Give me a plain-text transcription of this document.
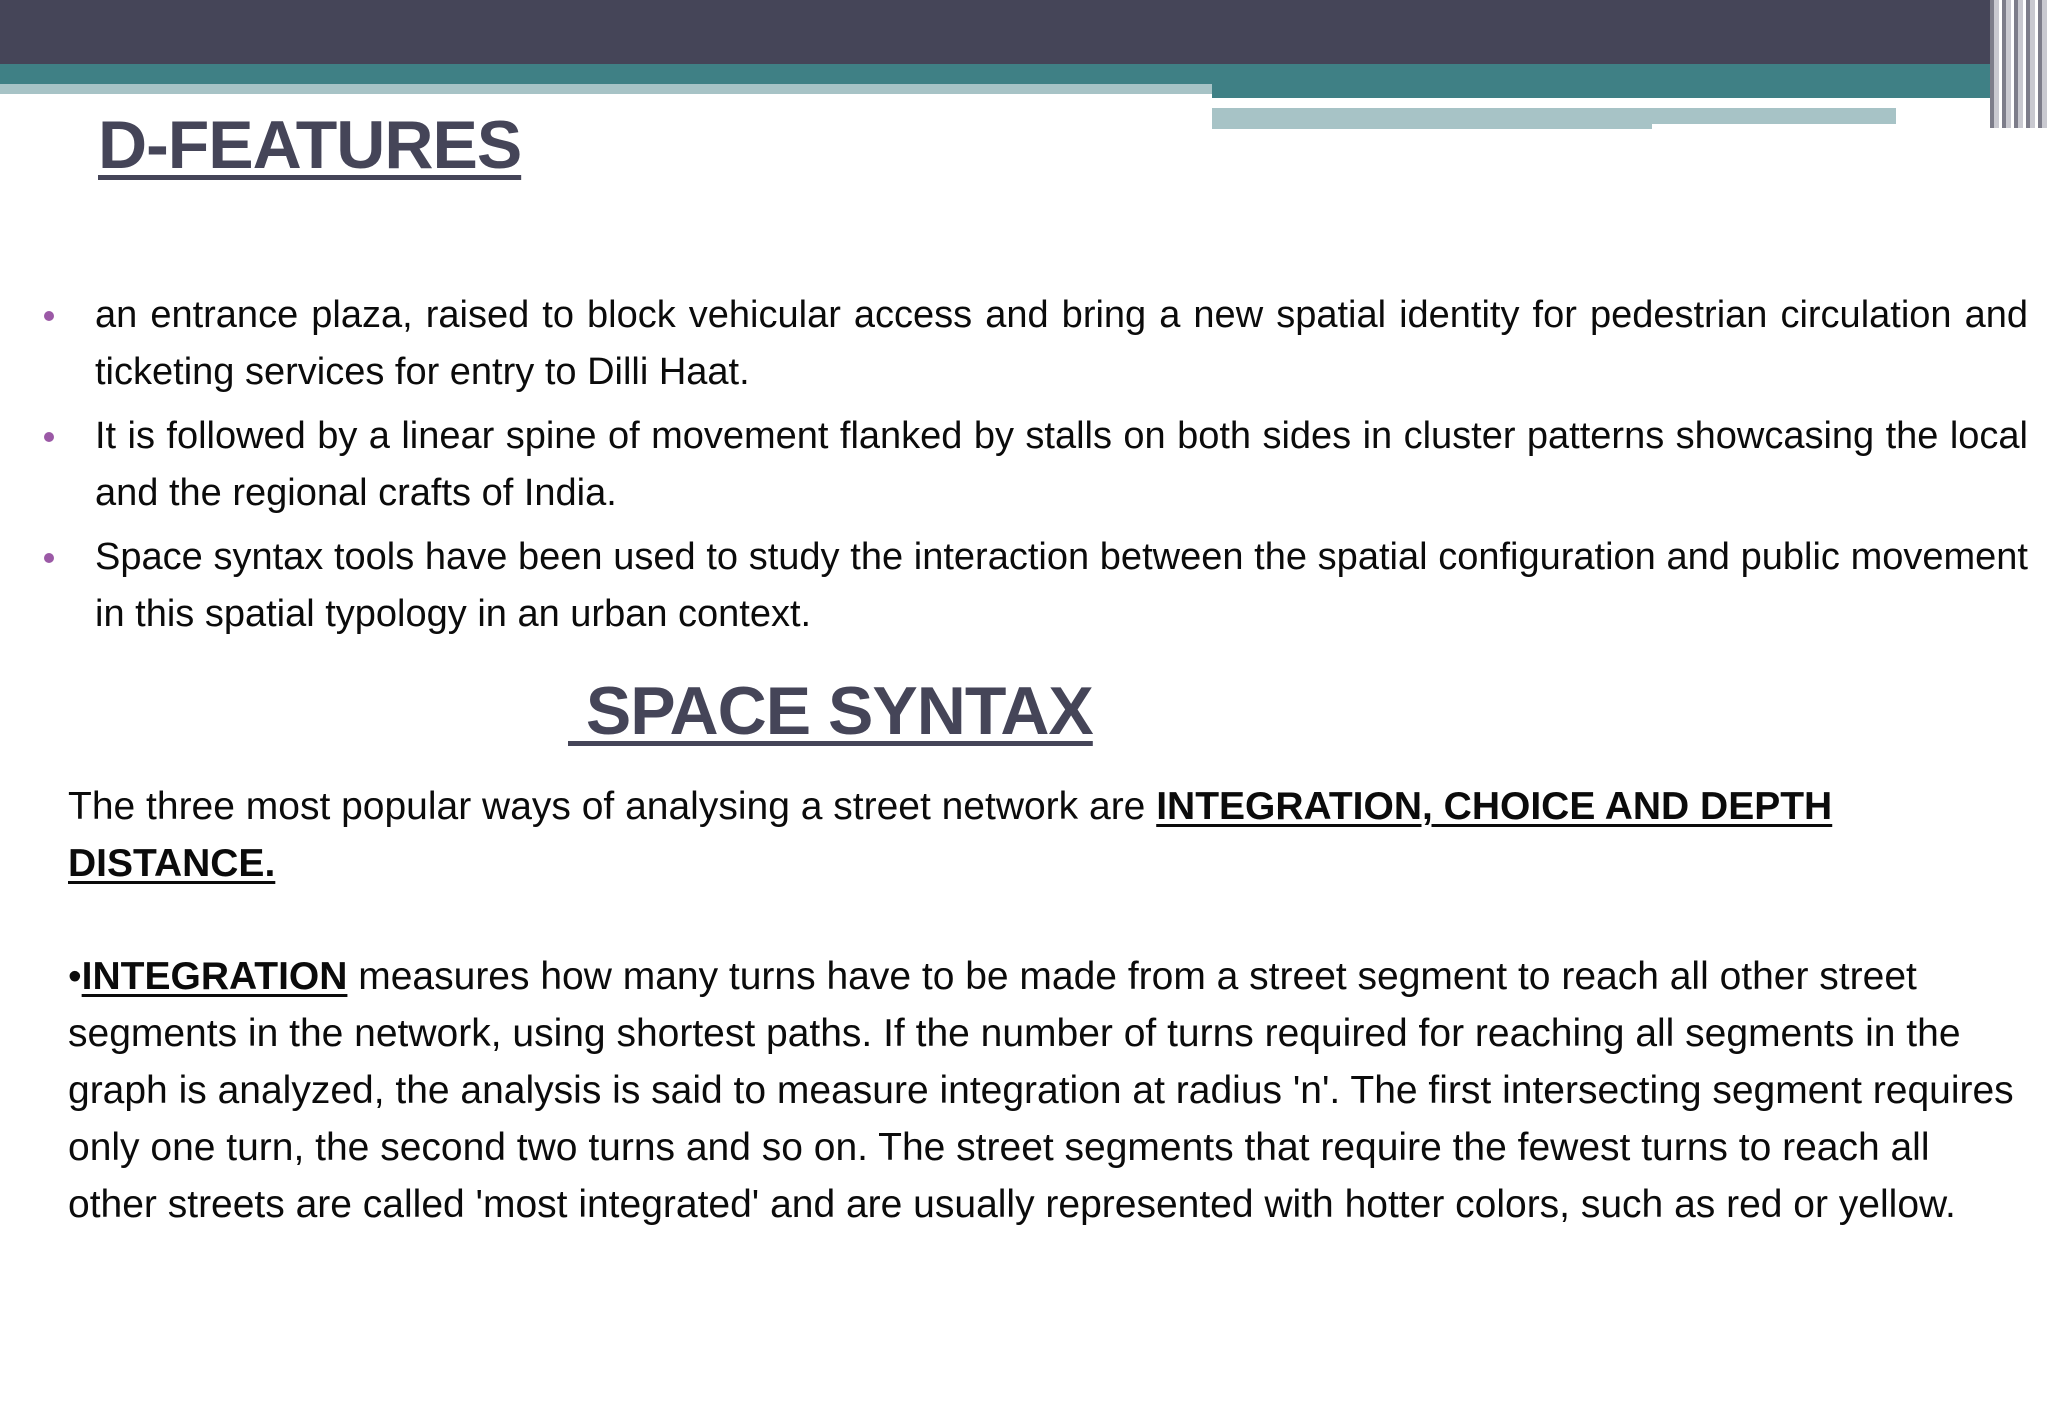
D-FEATURES
an entrance plaza, raised to block vehicular access and bring a new spatial identity for pedestrian circulation and ticketing services for entry to Dilli Haat.
It is followed by a linear spine of movement flanked by stalls on both sides in cluster patterns showcasing the local and the regional crafts of India.
Space syntax tools have been used to study the interaction between the spatial configuration and public movement in this spatial typology in an urban context.
SPACE SYNTAX

The three most popular ways of analysing a street network are INTEGRATION, CHOICE AND DEPTH DISTANCE.

•INTEGRATION measures how many turns have to be made from a street segment to reach all other street segments in the network, using shortest paths. If the number of turns required for reaching all segments in the graph is analyzed, the analysis is said to measure integration at radius 'n'. The first intersecting segment requires only one turn, the second two turns and so on. The street segments that require the fewest turns to reach all other streets are called 'most integrated' and are usually represented with hotter colors, such as red or yellow.
